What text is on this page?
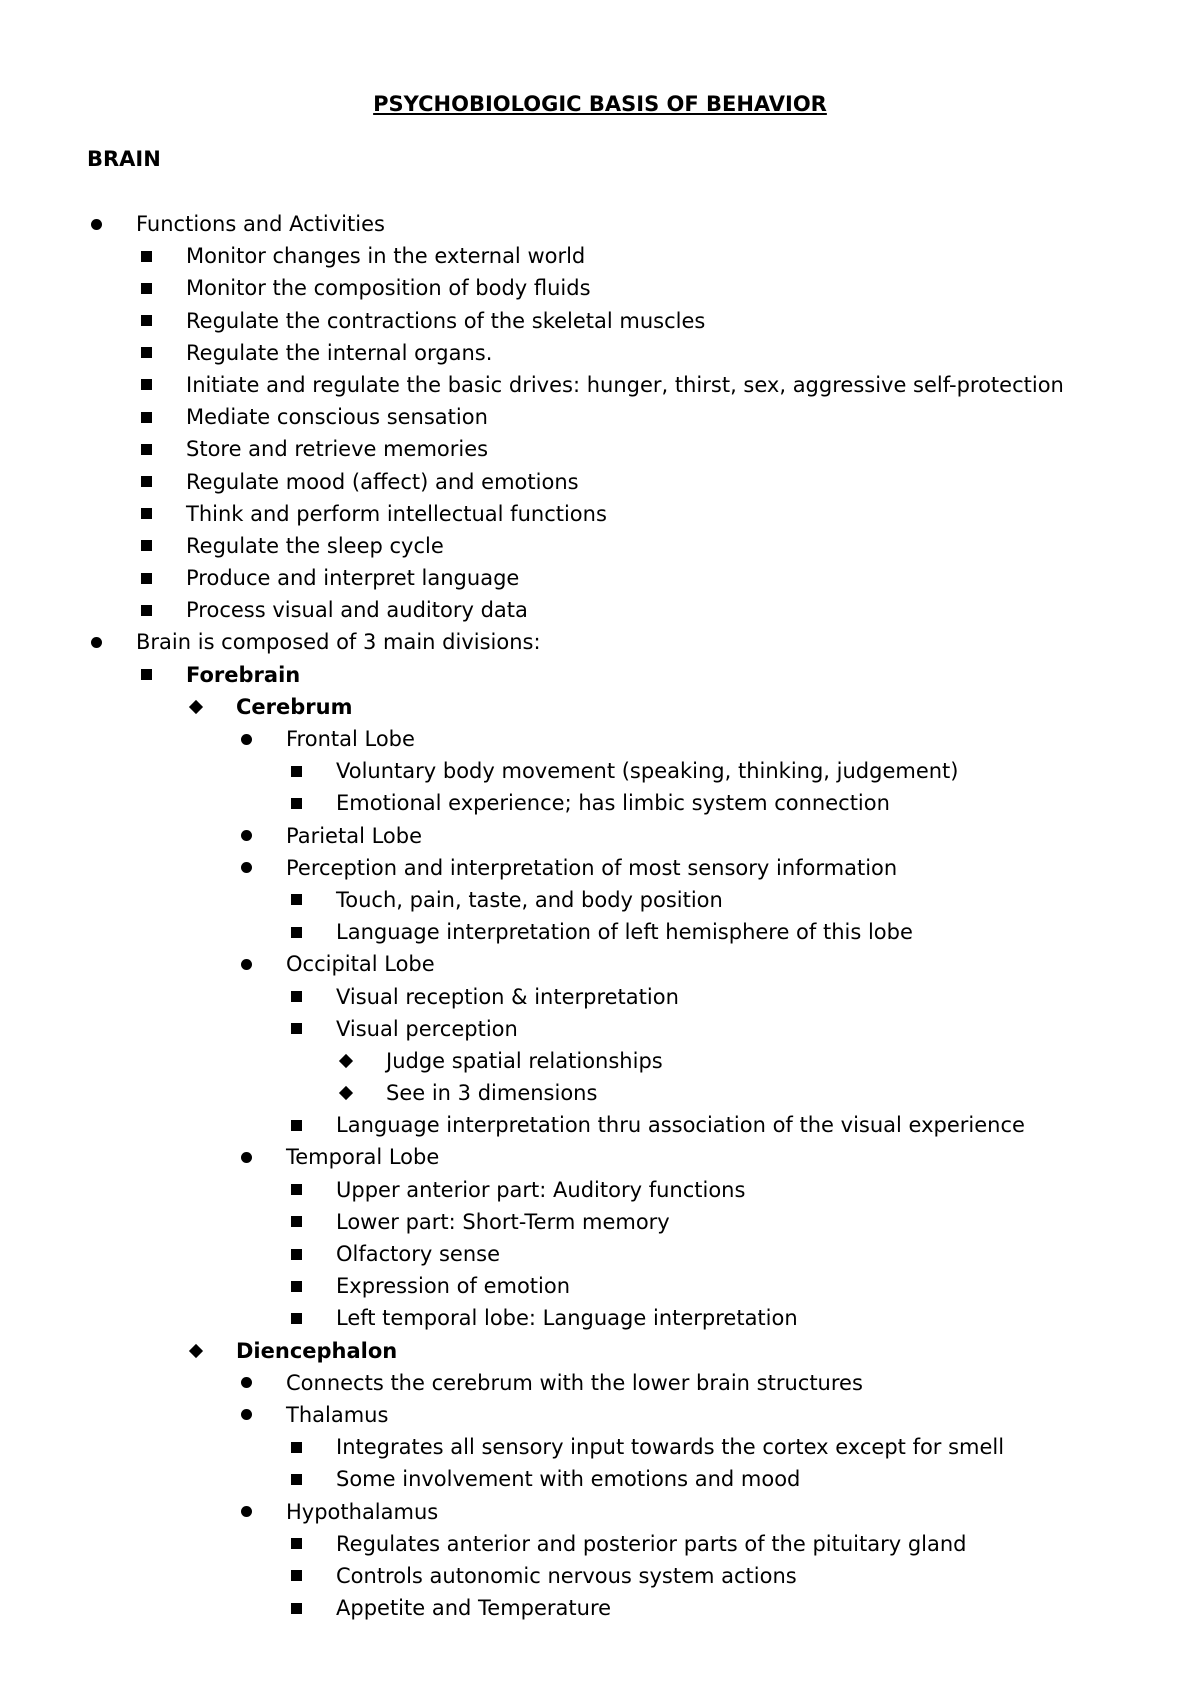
PSYCHOBIOLOGIC BASIS OF BEHAVIOR
BRAIN
Functions and Activities
Monitor changes in the external world
Monitor the composition of body fluids
Regulate the contractions of the skeletal muscles
Regulate the internal organs.
Initiate and regulate the basic drives: hunger, thirst, sex, aggressive self-protection
Mediate conscious sensation
Store and retrieve memories
Regulate mood (affect) and emotions
Think and perform intellectual functions
Regulate the sleep cycle
Produce and interpret language
Process visual and auditory data
Brain is composed of 3 main divisions:
Forebrain
Cerebrum
Frontal Lobe
Voluntary body movement (speaking, thinking, judgement)
Emotional experience; has limbic system connection
Parietal Lobe
Perception and interpretation of most sensory information
Touch, pain, taste, and body position
Language interpretation of left hemisphere of this lobe
Occipital Lobe
Visual reception & interpretation
Visual perception
Judge spatial relationships
See in 3 dimensions
Language interpretation thru association of the visual experience
Temporal Lobe
Upper anterior part: Auditory functions
Lower part: Short-Term memory
Olfactory sense
Expression of emotion
Left temporal lobe: Language interpretation
Diencephalon
Connects the cerebrum with the lower brain structures
Thalamus
Integrates all sensory input towards the cortex except for smell
Some involvement with emotions and mood
Hypothalamus
Regulates anterior and posterior parts of the pituitary gland
Controls autonomic nervous system actions
Appetite and Temperature
